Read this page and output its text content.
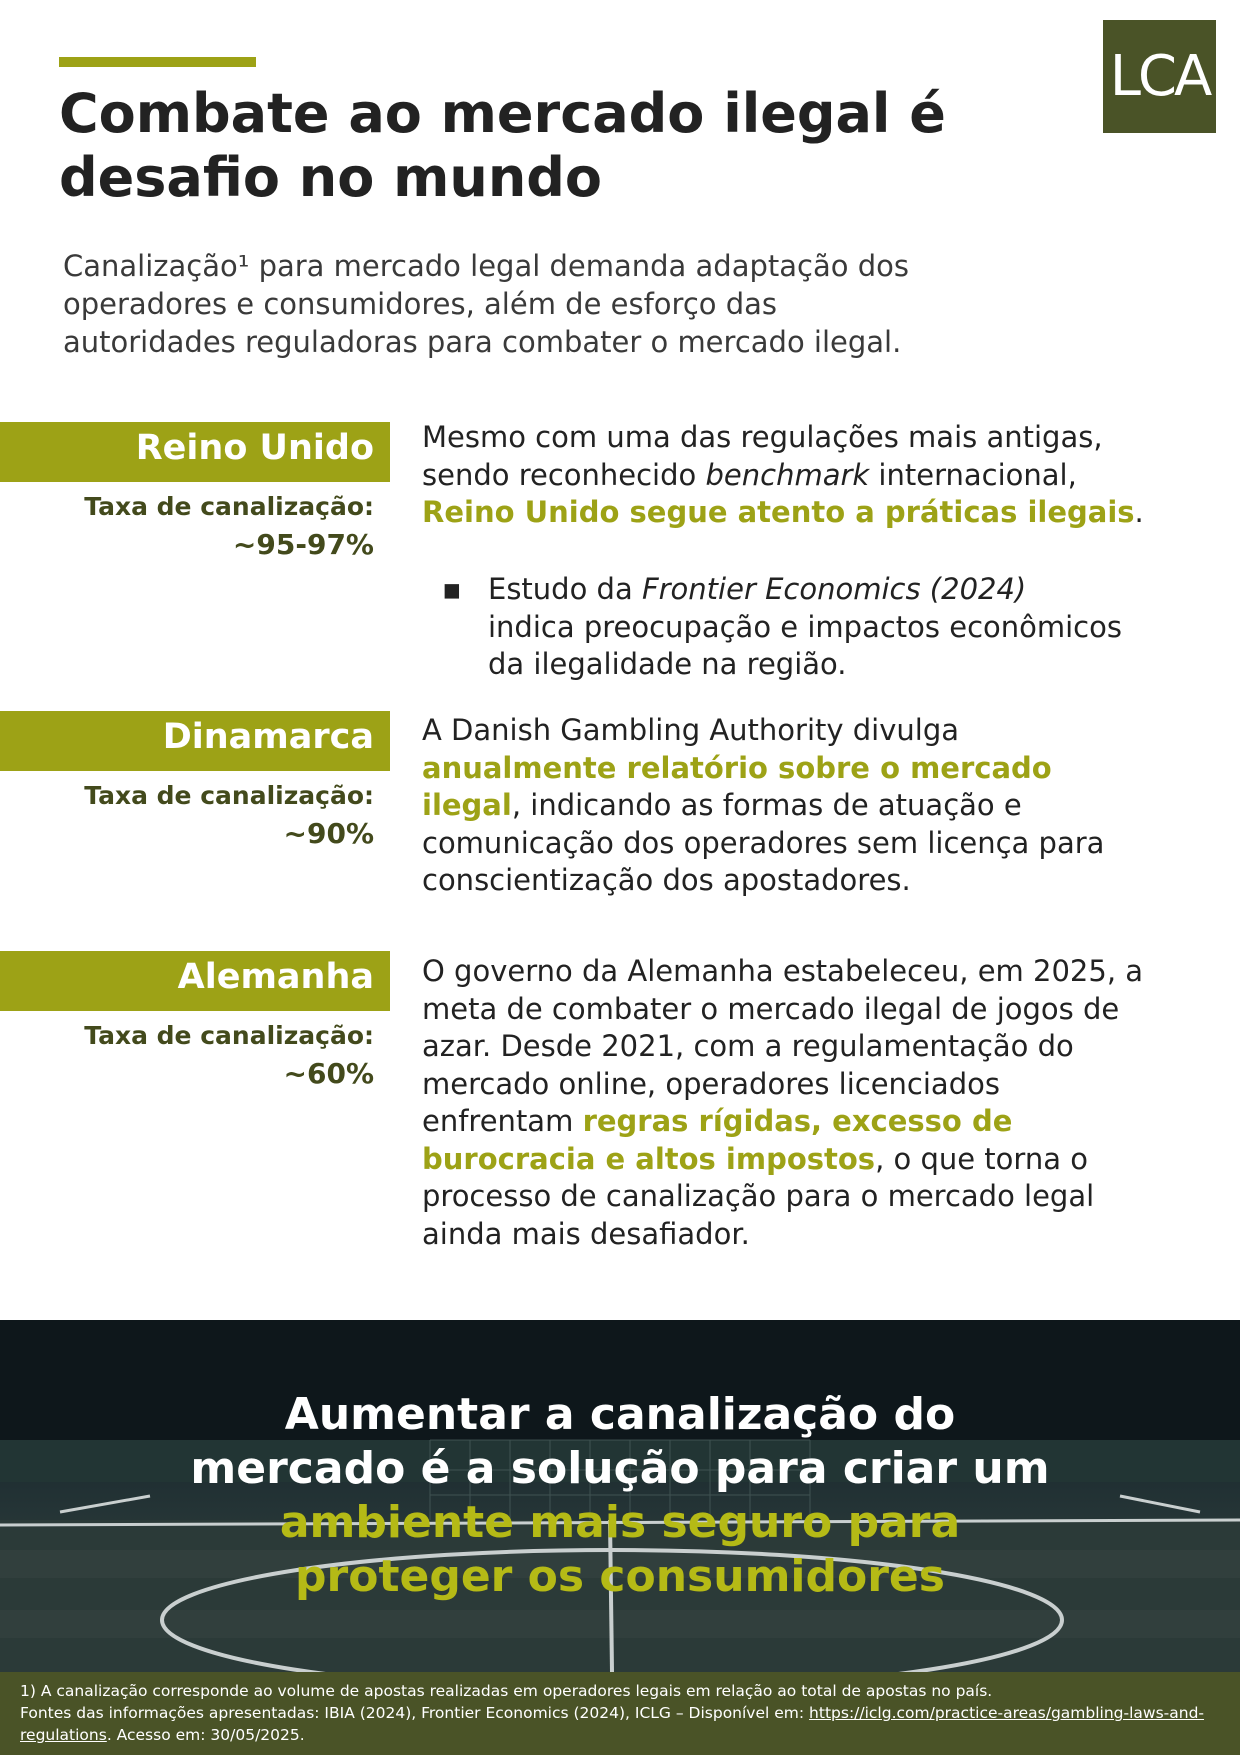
LCA
Combate ao mercado ilegal é
desafio no mundo

Canalização¹ para mercado legal demanda adaptação dos
operadores e consumidores, além de esforço das
autoridades reguladoras para combater o mercado ilegal.

Reino Unido
Taxa de canalização:
~95-97%

Mesmo com uma das regulações mais antigas, sendo reconhecido benchmark internacional, Reino Unido segue atento a práticas ilegais.

▪ Estudo da Frontier Economics (2024) indica preocupação e impactos econômicos da ilegalidade na região.
Dinamarca
Taxa de canalização:
~90%

A Danish Gambling Authority divulga anualmente relatório sobre o mercado ilegal, indicando as formas de atuação e comunicação dos operadores sem licença para conscientização dos apostadores.

Alemanha
Taxa de canalização:
~60%

O governo da Alemanha estabeleceu, em 2025, a meta de combater o mercado ilegal de jogos de azar. Desde 2021, com a regulamentação do mercado online, operadores licenciados enfrentam regras rígidas, excesso de burocracia e altos impostos, o que torna o processo de canalização para o mercado legal ainda mais desafiador.

Aumentar a canalização do
mercado é a solução para criar um
ambiente mais seguro para
proteger os consumidores

1) A canalização corresponde ao volume de apostas realizadas em operadores legais em relação ao total de apostas no país.
Fontes das informações apresentadas: IBIA (2024), Frontier Economics (2024), ICLG – Disponível em: https://iclg.com/practice-areas/gambling-laws-and-regulations. Acesso em: 30/05/2025.
